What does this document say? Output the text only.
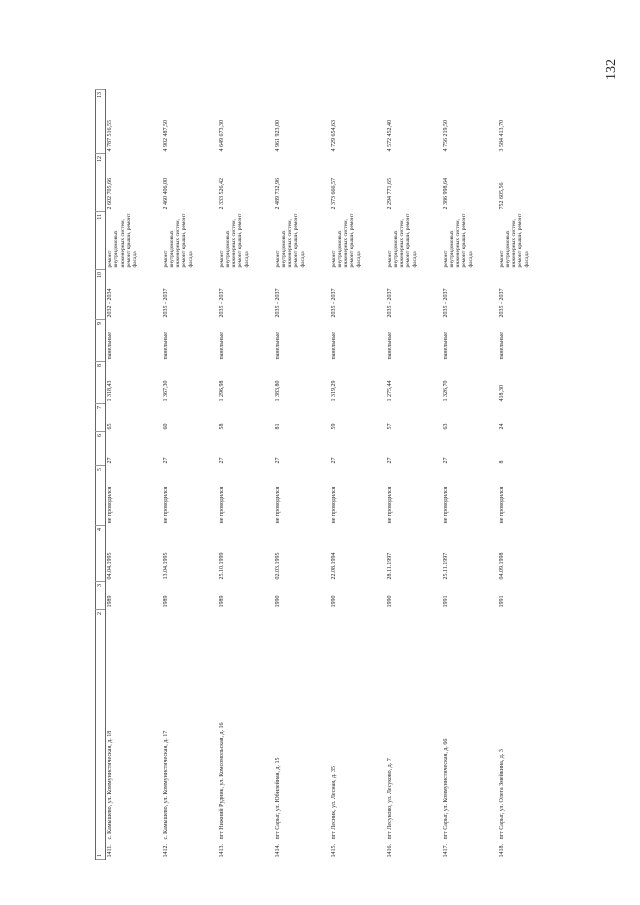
132
1
2	3	4	5	6	7	8	9	10	11	12	13
1411.с. Камышево, ул. Коммунистическая, д. 18	1989	04.04.1995	не проводился	27	65	1 318,43	панельные	2032 - 2034	ремонт внутридомовых инженерных систем, ремонт крыши, ремонт фасада	2 602 705,66	4 787 516,55
1412.с. Камышево, ул. Коммунистическая, д. 17	1989	13.04.1995	не проводился	27	60	1 367,30	панельные	2035 - 2037	ремонт внутридомовых инженерных систем, ремонт крыши, ремонт фасада	2 460 406,00	4 902 487,50
1413.пгт Нижний Рудник, ул. Комсомольская, д. 16	1989	25.10.1999	не проводился	27	58	1 296,98	панельные	2035 - 2037	ремонт внутридомовых инженерных систем, ремонт крыши, ремонт фасада	2 333 526,42	4 649 673,30
1414.пгт Сарыг, ул. Юбилейная, д. 15	1990	02.03.1995	не проводился	27	81	1 383,80	панельные	2035 - 2037	ремонт внутридомовых инженерных систем, ремонт крыши, ремонт фасада	2 489 732,96	4 961 923,00
1415.пгт Лесник, ул. Лесная, д. 35	1990	22.08.1994	не проводился	27	59	1 319,29	панельные	2035 - 2037	ремонт внутридомовых инженерных систем, ремонт крыши, ремонт фасада	2 373 666,57	4 729 654,63
1416.пгт Лесуково, ул. Лесуково, д. 7	1990	28.11.1997	не проводился	27	57	1 275,44	панельные	2035 - 2037	ремонт внутридомовых инженерных систем, ремонт крыши, ремонт фасада	2 294 771,65	4 572 452,40
1417.пгт Сарыг, ул. Коммунистическая, д. 66	1991	25.11.1997	не проводился	27	63	1 326,70	панельные	2035 - 2037	ремонт внутридомовых инженерных систем, ремонт крыши, ремонт фасада	2 386 998,64	4 756 219,50
1418.пгт Сарыг, ул. Олега Змейкина, д. 3	1991	04.09.1998	не проводился	8	24	418,30	панельные	2035 - 2037	ремонт внутридомовых инженерных систем, ремонт крыши, ремонт фасада	752 605,56	3 584 413,70
